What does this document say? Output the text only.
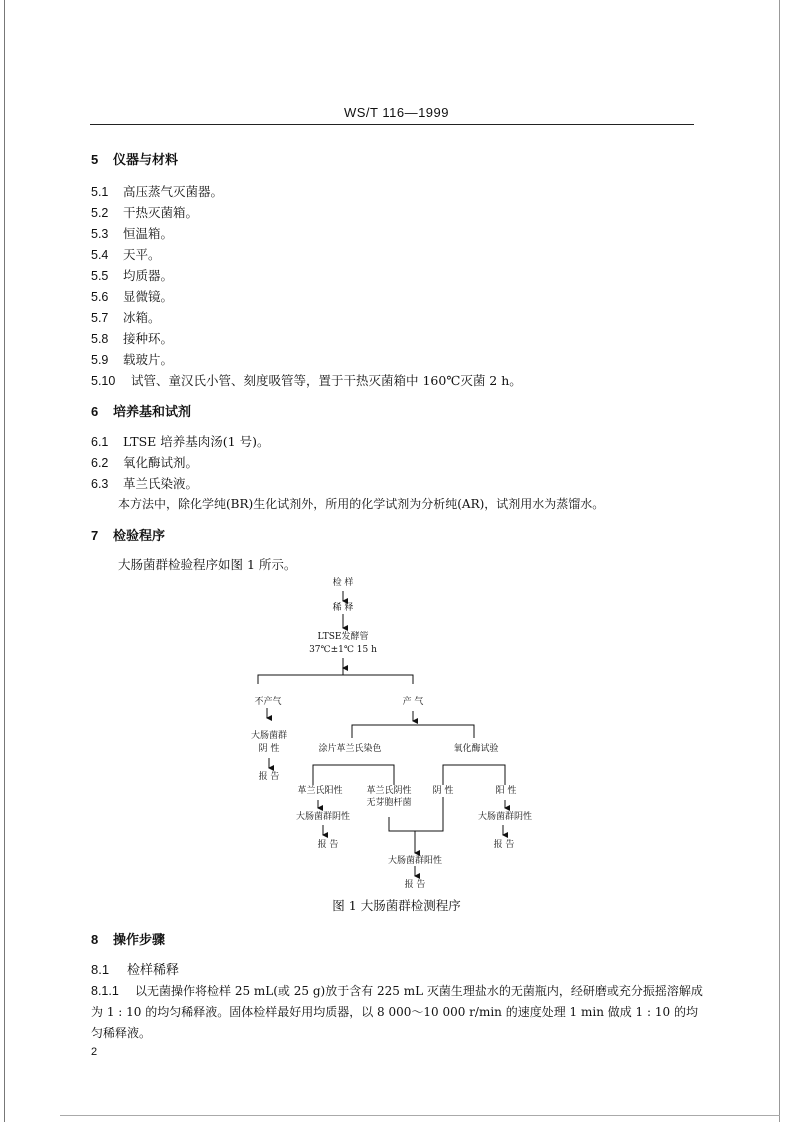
WS/T 116—1999
5 仪器与材料
5.1 高压蒸气灭菌器。
5.2 干热灭菌箱。
5.3 恒温箱。
5.4 天平。
5.5 均质器。
5.6 显微镜。
5.7 冰箱。
5.8 接种环。
5.9 载玻片。
5.10 试管、童汉氏小管、刻度吸管等，置于干热灭菌箱中 160℃灭菌 2 h。
6 培养基和试剂
6.1 LTSE 培养基肉汤(1 号)。
6.2 氧化酶试剂。
6.3 革兰氏染液。
本方法中，除化学纯(BR)生化试剂外，所用的化学试剂为分析纯(AR)，试剂用水为蒸馏水。
7 检验程序
大肠菌群检验程序如图 1 所示。
检 样
稀 释
LTSE发酵管
37℃±1℃ 15 h
不产气	产 气
大肠菌群
阴 性
报 告
涂片革兰氏染色	氧化酶试验
革兰氏阳性	革兰氏阴性
无芽胞杆菌
阴 性	阳 性
大肠菌群阴性	大肠菌群阴性
报 告	报 告
大肠菌群阳性
报 告
图 1 大肠菌群检测程序
8 操作步骤
8.1 检样稀释
8.1.1 以无菌操作将检样 25 mL(或 25 g)放于含有 225 mL 灭菌生理盐水的无菌瓶内，经研磨或充分振摇溶解成为 1 : 10 的均匀稀释液。固体检样最好用均质器，以 8 000～10 000 r/min 的速度处理 1 min 做成 1 : 10 的均匀稀释液。
2
